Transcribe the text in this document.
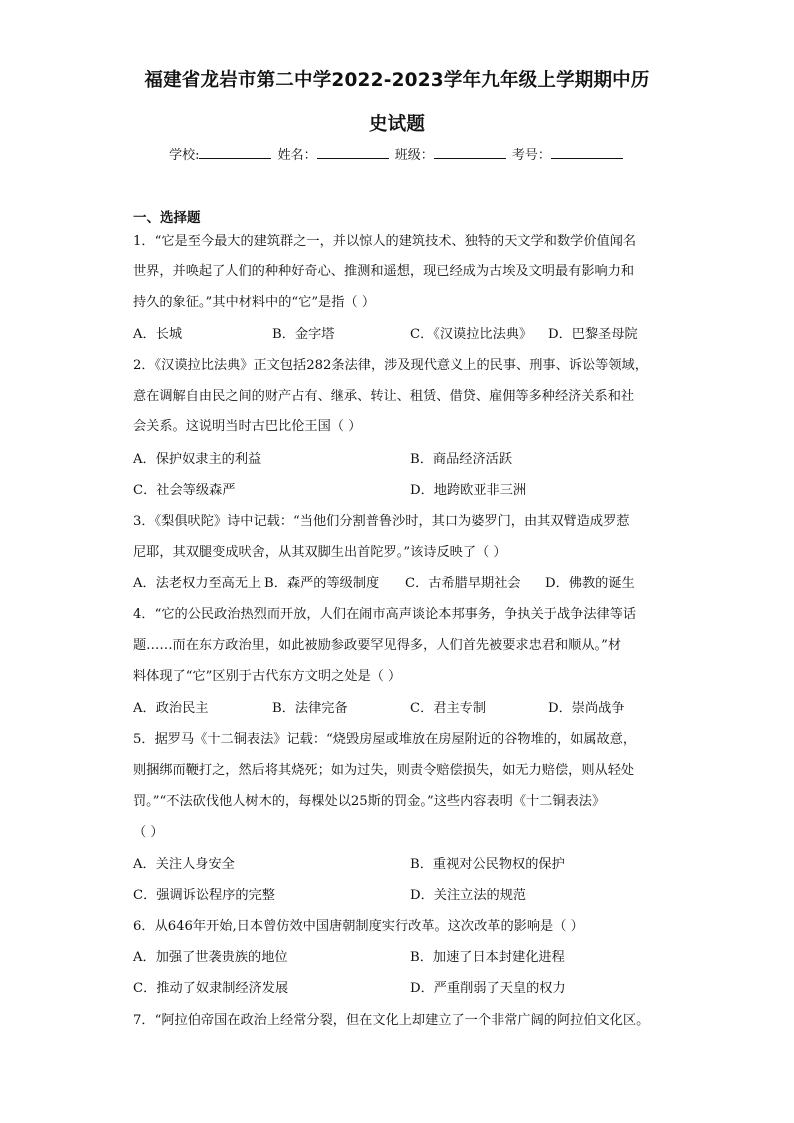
福建省龙岩市第二中学2022-2023学年九年级上学期期中历
史试题
学校:	姓名：	班级：	考号：
一、选择题
1．“它是至今最大的建筑群之一，并以惊人的建筑技术、独特的天文学和数学价值闻名
世界，并唤起了人们的种种好奇心、推测和遥想，现已经成为古埃及文明最有影响力和
持久的象征。”其中材料中的“它”是指（ ）
A．长城	B．金字塔	C．《汉谟拉比法典》 D．巴黎圣母院
2．《汉谟拉比法典》正文包括282条法律，涉及现代意义上的民事、刑事、诉讼等领域，
意在调解自由民之间的财产占有、继承、转让、租赁、借贷、雇佣等多种经济关系和社
会关系。这说明当时古巴比伦王国（ ）
A．保护奴隶主的利益	B．商品经济活跃
C．社会等级森严	D．地跨欧亚非三洲
3．《梨俱吠陀》诗中记载：“当他们分割普鲁沙时，其口为婆罗门，由其双臂造成罗惹
尼耶，其双腿变成吠舍，从其双脚生出首陀罗。”该诗反映了（ ）
A．法老权力至高无上 B．森严的等级制度 C．古希腊早期社会 D．佛教的诞生
4．“它的公民政治热烈而开放，人们在闹市高声谈论本邦事务，争执关于战争法律等话
题……而在东方政治里，如此被励参政要罕见得多，人们首先被要求忠君和顺从。”材
料体现了“它”区别于古代东方文明之处是（ ）
A．政治民主	B．法律完备	C．君主专制	D．崇尚战争
5．据罗马《十二铜表法》记载：“烧毁房屋或堆放在房屋附近的谷物堆的，如属故意，
则捆绑而鞭打之，然后将其烧死；如为过失，则责令赔偿损失，如无力赔偿，则从轻处
罚。”“不法砍伐他人树木的，每棵处以25斯的罚金。”这些内容表明《十二铜表法》
（ ）
A．关注人身安全	B．重视对公民物权的保护
C．强调诉讼程序的完整	D．关注立法的规范
6．从646年开始,日本曾仿效中国唐朝制度实行改革。这次改革的影响是（ ）
A．加强了世袭贵族的地位	B．加速了日本封建化进程
C．推动了奴隶制经济发展	D．严重削弱了天皇的权力
7．“阿拉伯帝国在政治上经常分裂，但在文化上却建立了一个非常广阔的阿拉伯文化区。
